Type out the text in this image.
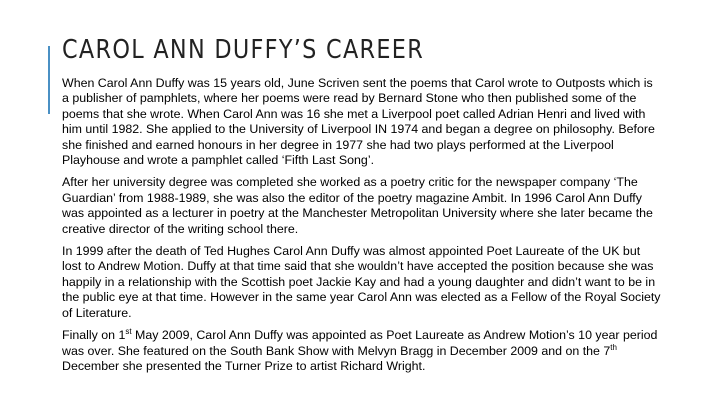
CAROL ANN DUFFY’S CAREER

When Carol Ann Duffy was 15 years old, June Scriven sent the poems that Carol wrote to Outposts which is a publisher of pamphlets, where her poems were read by Bernard Stone who then published some of the poems that she wrote. When Carol Ann was 16 she met a Liverpool poet called Adrian Henri and lived with him until 1982. She applied to the University of Liverpool IN 1974 and began a degree on philosophy. Before she finished and earned honours in her degree in 1977 she had two plays performed at the Liverpool Playhouse and wrote a pamphlet called ‘Fifth Last Song’.

After her university degree was completed she worked as a poetry critic for the newspaper company ‘The Guardian’ from 1988-1989, she was also the editor of the poetry magazine Ambit. In 1996 Carol Ann Duffy was appointed as a lecturer in poetry at the Manchester Metropolitan University where she later became the creative director of the writing school there.

In 1999 after the death of Ted Hughes Carol Ann Duffy was almost appointed Poet Laureate of the UK but lost to Andrew Motion. Duffy at that time said that she wouldn’t have accepted the position because she was happily in a relationship with the Scottish poet Jackie Kay and had a young daughter and didn’t want to be in the public eye at that time. However in the same year Carol Ann was elected as a Fellow of the Royal Society of Literature.

Finally on 1st May 2009, Carol Ann Duffy was appointed as Poet Laureate as Andrew Motion’s 10 year period was over. She featured on the South Bank Show with Melvyn Bragg in December 2009 and on the 7th December she presented the Turner Prize to artist Richard Wright.
